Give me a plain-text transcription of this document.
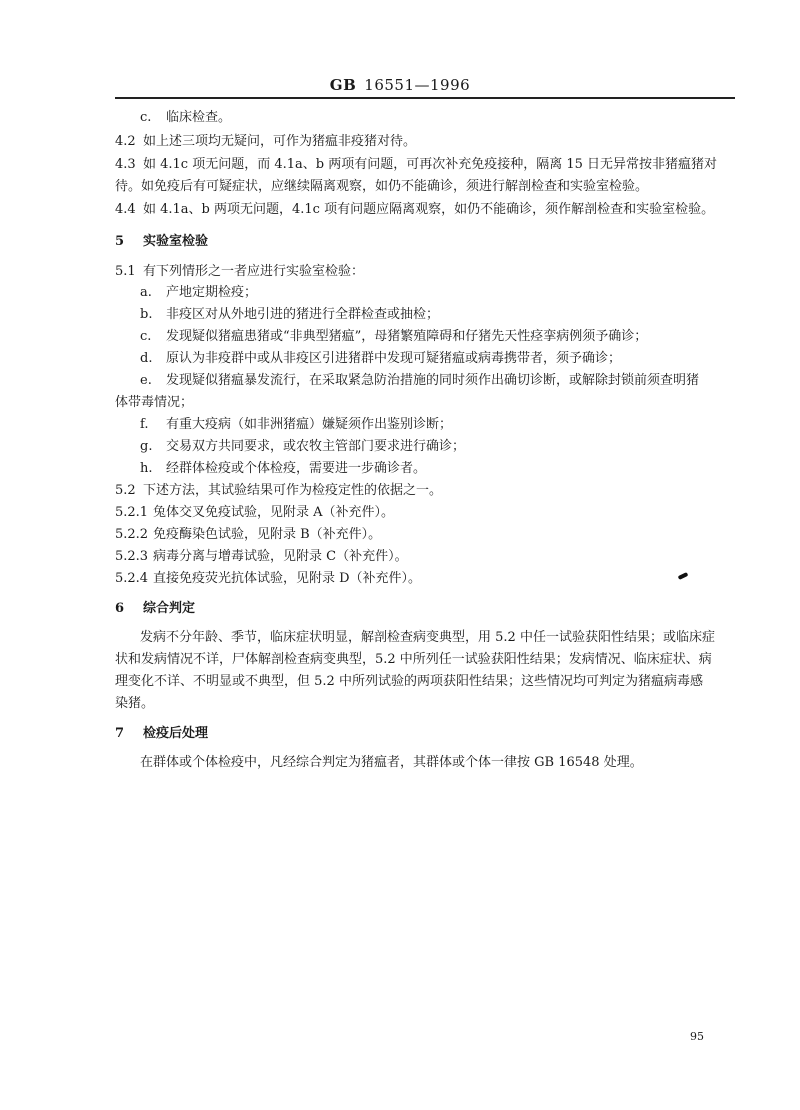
GB 16551—1996
c. 临床检查。
4.2 如上述三项均无疑问，可作为猪瘟非疫猪对待。
4.3 如 4.1c 项无问题，而 4.1a、b 两项有问题，可再次补充免疫接种，隔离 15 日无异常按非猪瘟猪对
待。如免疫后有可疑症状，应继续隔离观察，如仍不能确诊，须进行解剖检查和实验室检验。
4.4 如 4.1a、b 两项无问题，4.1c 项有问题应隔离观察，如仍不能确诊，须作解剖检查和实验室检验。
5 实验室检验
5.1 有下列情形之一者应进行实验室检验：
a. 产地定期检疫；
b. 非疫区对从外地引进的猪进行全群检查或抽检；
c. 发现疑似猪瘟患猪或“非典型猪瘟”，母猪繁殖障碍和仔猪先天性痉挛病例须予确诊；
d. 原认为非疫群中或从非疫区引进猪群中发现可疑猪瘟或病毒携带者，须予确诊；
e. 发现疑似猪瘟暴发流行，在采取紧急防治措施的同时须作出确切诊断，或解除封锁前须查明猪
体带毒情况；
f. 有重大疫病（如非洲猪瘟）嫌疑须作出鉴别诊断；
g. 交易双方共同要求，或农牧主管部门要求进行确诊；
h. 经群体检疫或个体检疫，需要进一步确诊者。
5.2 下述方法，其试验结果可作为检疫定性的依据之一。
5.2.1 兔体交叉免疫试验，见附录 A（补充件）。
5.2.2 免疫酶染色试验，见附录 B（补充件）。
5.2.3 病毒分离与增毒试验，见附录 C（补充件）。
5.2.4 直接免疫荧光抗体试验，见附录 D（补充件）。
6 综合判定
发病不分年龄、季节，临床症状明显，解剖检查病变典型，用 5.2 中任一试验获阳性结果；或临床症
状和发病情况不详，尸体解剖检查病变典型，5.2 中所列任一试验获阳性结果；发病情况、临床症状、病
理变化不详、不明显或不典型，但 5.2 中所列试验的两项获阳性结果；这些情况均可判定为猪瘟病毒感
染猪。
7 检疫后处理
在群体或个体检疫中，凡经综合判定为猪瘟者，其群体或个体一律按 GB 16548 处理。
95
